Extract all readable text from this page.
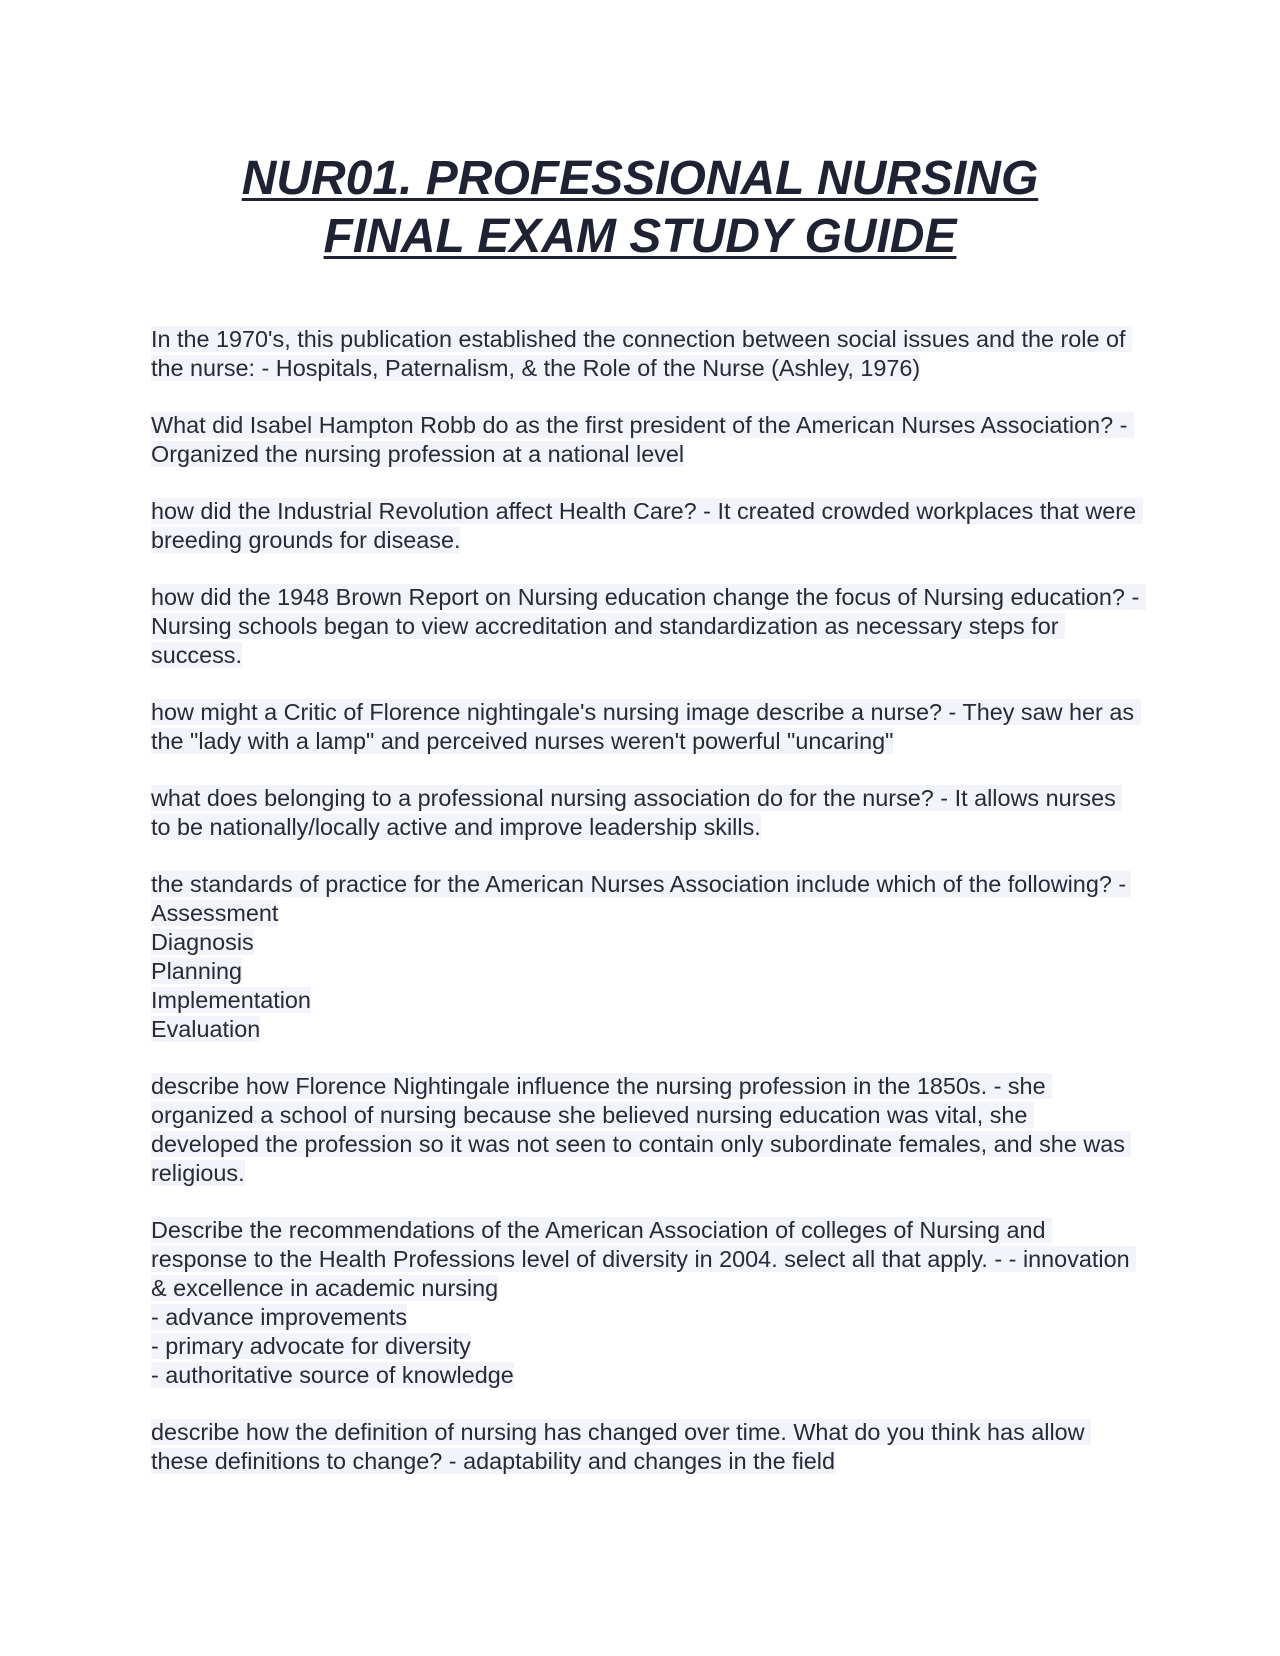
NUR01. PROFESSIONAL NURSING
FINAL EXAM STUDY GUIDE

In the 1970's, this publication established the connection between social issues and the role of the nurse: - Hospitals, Paternalism, & the Role of the Nurse (Ashley, 1976)

What did Isabel Hampton Robb do as the first president of the American Nurses Association? - Organized the nursing profession at a national level

how did the Industrial Revolution affect Health Care? - It created crowded workplaces that were breeding grounds for disease.

how did the 1948 Brown Report on Nursing education change the focus of Nursing education? - Nursing schools began to view accreditation and standardization as necessary steps for success.

how might a Critic of Florence nightingale's nursing image describe a nurse? - They saw her as the "lady with a lamp" and perceived nurses weren't powerful "uncaring"

what does belonging to a professional nursing association do for the nurse? - It allows nurses to be nationally/locally active and improve leadership skills.

the standards of practice for the American Nurses Association include which of the following? - Assessment
Diagnosis
Planning
Implementation
Evaluation

describe how Florence Nightingale influence the nursing profession in the 1850s. - she organized a school of nursing because she believed nursing education was vital, she developed the profession so it was not seen to contain only subordinate females, and she was religious.

Describe the recommendations of the American Association of colleges of Nursing and response to the Health Professions level of diversity in 2004. select all that apply. - - innovation & excellence in academic nursing
- advance improvements
- primary advocate for diversity
- authoritative source of knowledge

describe how the definition of nursing has changed over time. What do you think has allow these definitions to change? - adaptability and changes in the field
